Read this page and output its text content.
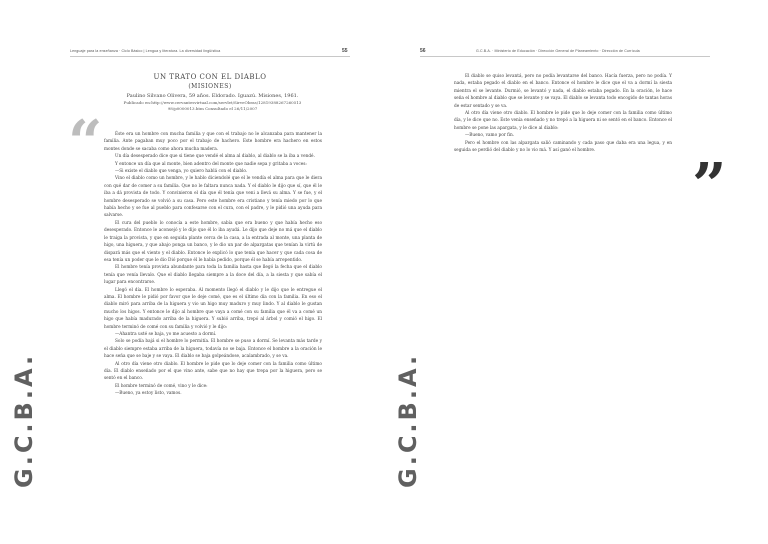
Lenguaje para la enseñanza · Ciclo Básico | Lengua y literatura. La diversidad lingüística	55
UN TRATO CON EL DIABLO
(MISIONES)
Paulino Silvano Olivera, 59 años. Eldorado. Iguazú. Misiones, 1961.
Publicado en:http://www.cervantesvirtual.com/servlet/SirveObras/12819388267260513 98/p0000013.htm Consultado el 26/11/2007
“	Éste era un hombre con mucha familia y que con el trabajo no le alcanzaba para mantener la familia. Ante pagaban muy poco por el trabajo de hachero. Este hombre era hachero en estos montes donde se sacaba como ahora mucha madera.

Un día desesperado dice que si tiene que vendé el alma al diablo, al diablo se la iba a vendé.

Y entonce un día que al monte, bien adentro del monte que nadie sepa y gritaba a voces:

—Si existe el diablo que venga, yo quiero hablá con el diablo.

Vino el diablo como un hombre, y le hablo diciendolé que el le vendía el alma para que le diera con qué dar de comer a su familia. Que no le faltara nunca nada. Y el diablo le dijo que sí, que él le iba a dá provista de todo. Y convinieron el día que él tenía que veni a llevá su alma. Y se fue, y el hombre desesperado se volvió a su casa. Pero este hombre era cristiano y tenía miedo por lo que había hecho y se fue al pueblo para confesarse con el cura, con el padre, y le pidió una ayuda para salvarse.

El cura del pueblo lo conocía a este hombre, sabía que era bueno y que había hecho eso desesperado. Entonce le aconsejó y le dijo que él lo iba ayudá. Le dijo que deje no má que el diablo le traiga la provista, y que en seguida plante cerca de la casa, a la entrada al monte, una planta de higo, una higuera, y que abajo ponga un banco, y le dio un par de alpargatas que tenían la virtú de dispará más que el viento y el diablo. Entonce le explicó lo que tenía que hacer y que cada cosa de esa tenía un poder que le dio Dió porque él le había pedido, porque él se había arrepentido.

El hombre tenía provista abundante para toda la familia hasta que llegó la fecha que el diablo tenía que venía llevalo. Que el diablo llegaba siempre a la doce del día, a la siesta y que sabía el lugar para encontrarse.

Llegó el día. El hombre lo esperaba. Al momento llegó el diablo y le dijo que le entregue el alma. El hombre le pidió por favor que le deje comé, que es el último día con la familia. En eso el diablo miró para arriba de la higuera y vio un higo muy maduro y muy lindo. Y al diablo le gustan mucho los higos. Y entonce le dijo al hombre que vaya a comé con su familia que él va a comé un higo que había madurado arriba de la higuera. Y subió arriba, trepó al árbol y comió el higo. El hombre terminó de comé con su familia y volvió y le dijo:

—Ahantra usté se baja, yo me acuesto a dormí.

Solo se podía bajá si el hombre lo permitía. El hombre se puso a dormí. Se levanta más tarde y el diablo siempre estaba arriba de la higuera, todavía no se baja. Entonce el hombre a la oración le hace seña que se baje y se vaya. El diablo se baja golpeándose, acalambrado, y se va.

Al otro día viene otro diablo. El hombre le pide que lo deje comer con la familia como último día. El diablo enseñado por el que vino ante, sabe que no hay que trepa por la higuera, pero se sentó en el banco.

El hombre terminó de comé, vino y le dice:

—Bueno, ya estoy listo, vamos.

G.C.B.A.
56	G.C.B.A. · Ministerio de Educación · Dirección General de Planeamiento · Dirección de Currícula

El diablo se quiso levantá, pero no podía levantarse del banco. Hacía fuerza, pero no podía. Y nada, estaba pegado el diablo en el banco. Entonce el hombre le dice que el va a dormí la siesta mientra el se levante. Durmió, se levantó y nada, el diablo estaba pegado. En la oración, le hace seña el hombre al diablo que se levante y se vaya. El diablo se levanta todo encogido de tantas horas de estar sentado y se va.

Al otro día viene otro diablo. El hombre le pide que lo deje comer con la familia como último día, y le dice que no. Este venía enseñado y no trepó a la higuera ni se sentó en el banco. Entonce el hombre se pone las apargata, y le dice al diablo:

—Bueno, vamo por fin.

Pero el hombre con las alpargata salió caminando y cada paso que daba era una legua, y en seguida se perdió del diablo y no lo vio má. Y así ganó el hombre.

”
G.C.B.A.
